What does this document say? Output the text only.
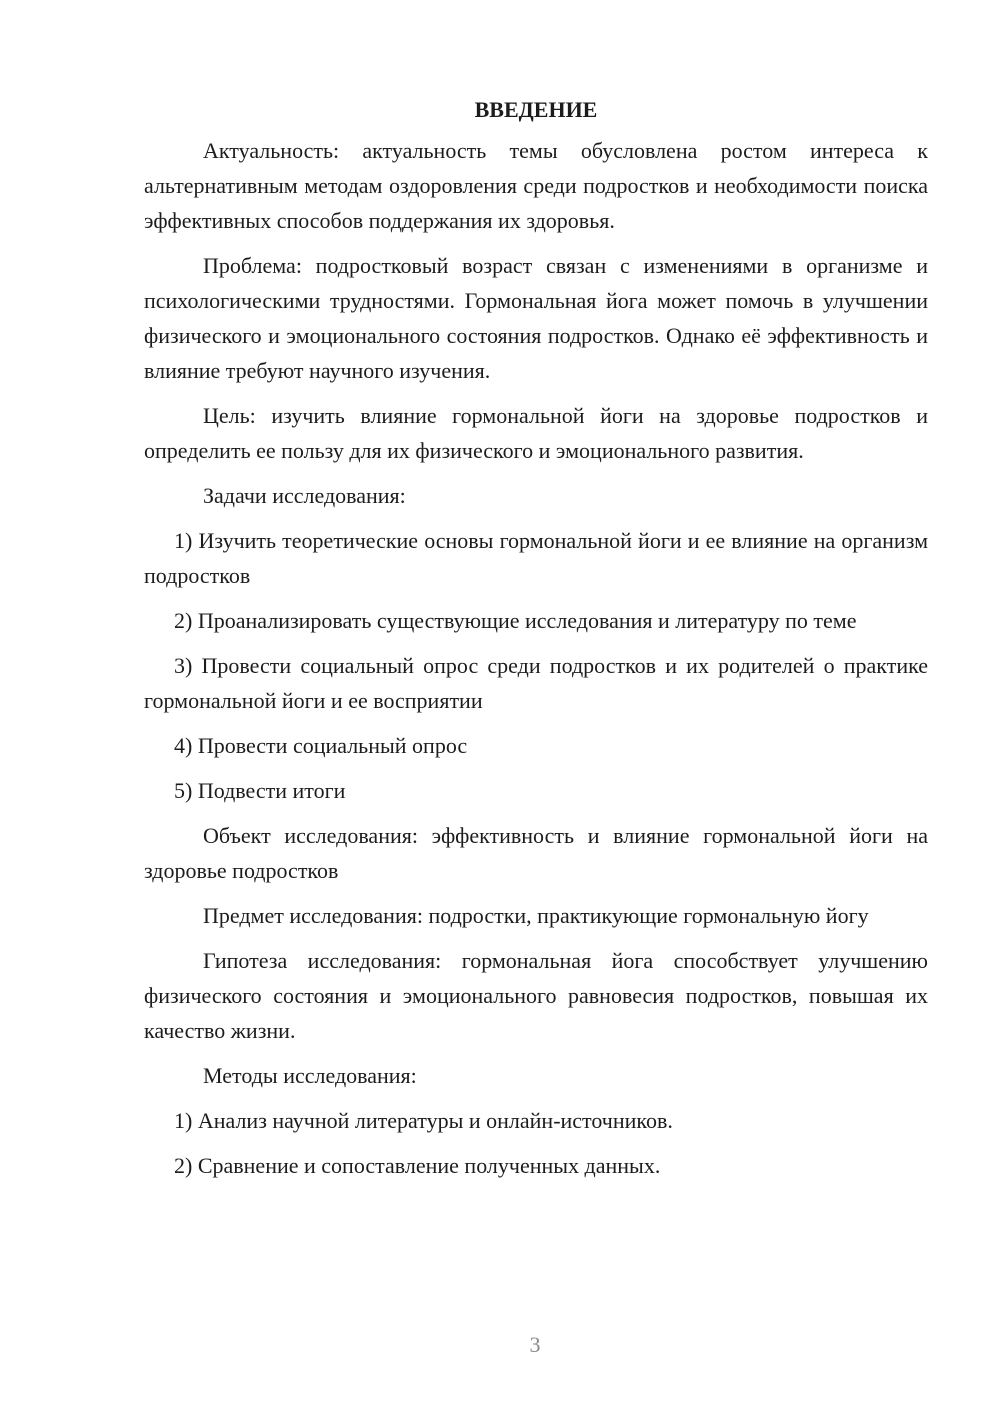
ВВЕДЕНИЕ

Актуальность: актуальность темы обусловлена ростом интереса к альтернативным методам оздоровления среди подростков и необходимости поиска эффективных способов поддержания их здоровья.

Проблема: подростковый возраст связан с изменениями в организме и психологическими трудностями. Гормональная йога может помочь в улучшении физического и эмоционального состояния подростков. Однако её эффективность и влияние требуют научного изучения.

Цель: изучить влияние гормональной йоги на здоровье подростков и определить ее пользу для их физического и эмоционального развития.

Задачи исследования:

1) Изучить теоретические основы гормональной йоги и ее влияние на организм подростков

2) Проанализировать существующие исследования и литературу по теме

3) Провести социальный опрос среди подростков и их родителей о практике гормональной йоги и ее восприятии

4) Провести социальный опрос

5) Подвести итоги

Объект исследования: эффективность и влияние гормональной йоги на здоровье подростков

Предмет исследования: подростки, практикующие гормональную йогу

Гипотеза исследования: гормональная йога способствует улучшению физического состояния и эмоционального равновесия подростков, повышая их качество жизни.

Методы исследования:

1) Анализ научной литературы и онлайн-источников.

2) Сравнение и сопоставление полученных данных.

3
